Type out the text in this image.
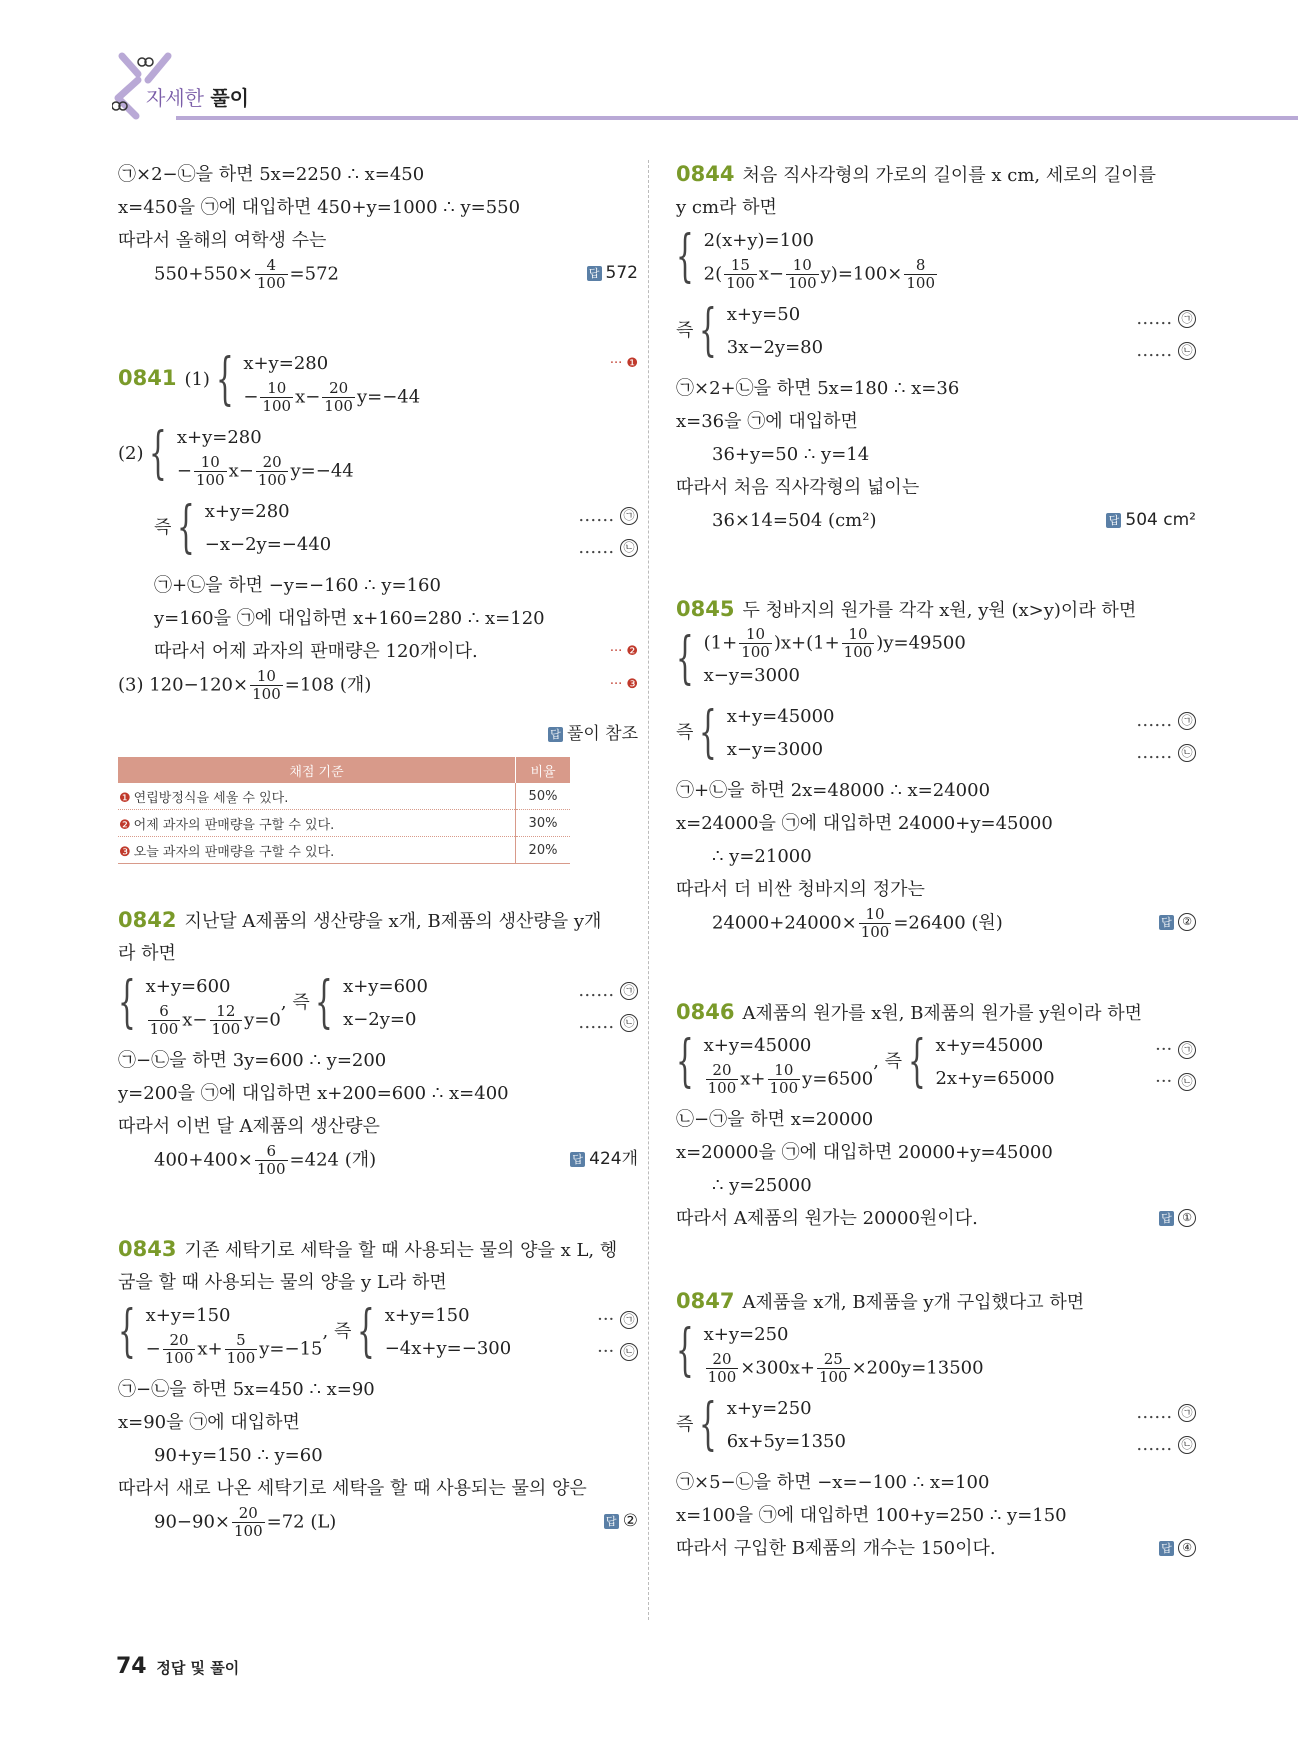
자세한 풀이
㉠×2−㉡을 하면 5x=2250 ∴ x=450
x=450을 ㉠에 대입하면 450+y=1000 ∴ y=550
따라서 올해의 여학생 수는
$550+550\times \frac{4}{100} =572$	답 572
0841 (1) { x+y=280
− $\frac{10}{100} x- \frac{20}{100} y=-44$
··· ❶
(2) { x+y=280
− $\frac{10}{100} x- \frac{20}{100} y=-44$
즉 { x+y=280
−x−2y=−440
…… ㉠
…… ㉡
㉠+㉡을 하면 −y=−160 ∴ y=160
y=160을 ㉠에 대입하면 x+160=280 ∴ x=120
따라서 어제 과자의 판매량은 120개이다.	··· ❷
(3) $120-120\times \frac{10}{100} =108$ (개)	··· ❸
답 풀이 참조
채점 기준	비율
❶ 연립방정식을 세울 수 있다.	50%
❷ 어제 과자의 판매량을 구할 수 있다.	30%
❸ 오늘 과자의 판매량을 구할 수 있다.	20%
0842 지난달 A제품의 생산량을 x개, B제품의 생산량을 y개
라 하면
{ x+y=600
$\frac{6}{100} x- \frac{12}{100} y=0$
, 즉 { x+y=600
x−2y=0
…… ㉠
…… ㉡
㉠−㉡을 하면 3y=600 ∴ y=200
y=200을 ㉠에 대입하면 x+200=600 ∴ x=400
따라서 이번 달 A제품의 생산량은
$400+400\times \frac{6}{100} =424$ (개)	답 424개
0843 기존 세탁기로 세탁을 할 때 사용되는 물의 양을 x L, 헹
굼을 할 때 사용되는 물의 양을 y L라 하면
{ x+y=150
− $\frac{20}{100} x+ \frac{5}{100} y=-15$
, 즉 { x+y=150
−4x+y=−300
··· ㉠
··· ㉡
㉠−㉡을 하면 5x=450 ∴ x=90
x=90을 ㉠에 대입하면
90+y=150 ∴ y=60
따라서 새로 나온 세탁기로 세탁을 할 때 사용되는 물의 양은
$90-90\times \frac{20}{100} =72$ (L)	답 ②
0844 처음 직사각형의 가로의 길이를 x cm, 세로의 길이를
y cm라 하면
{ 2(x+y)=100
$2( \frac{15}{100} x- \frac{10}{100} y)=100\times \frac{8}{100}$
즉 { x+y=50
3x−2y=80
…… ㉠
…… ㉡
㉠×2+㉡을 하면 5x=180 ∴ x=36
x=36을 ㉠에 대입하면
36+y=50 ∴ y=14
따라서 처음 직사각형의 넓이는
36×14=504 (cm²)	답 504 cm²
0845 두 청바지의 원가를 각각 x원, y원 (x>y)이라 하면
{ $(1+ \frac{10}{100} )x+(1+ \frac{10}{100} )y=49500$
x−y=3000
즉 { x+y=45000
x−y=3000
…… ㉠
…… ㉡
㉠+㉡을 하면 2x=48000 ∴ x=24000
x=24000을 ㉠에 대입하면 24000+y=45000
∴ y=21000
따라서 더 비싼 청바지의 정가는
$24000+24000\times \frac{10}{100} =26400$ (원)	답 ②
0846 A제품의 원가를 x원, B제품의 원가를 y원이라 하면
{ x+y=45000
$\frac{20}{100} x+ \frac{10}{100} y=6500$
, 즉 { x+y=45000
2x+y=65000
··· ㉠
··· ㉡
㉡−㉠을 하면 x=20000
x=20000을 ㉠에 대입하면 20000+y=45000
∴ y=25000
따라서 A제품의 원가는 20000원이다.	답 ①
0847 A제품을 x개, B제품을 y개 구입했다고 하면
{ x+y=250
$\frac{20}{100} \times 300x+ \frac{25}{100} \times 200y=13500$
즉 { x+y=250
6x+5y=1350
…… ㉠
…… ㉡
㉠×5−㉡을 하면 −x=−100 ∴ x=100
x=100을 ㉠에 대입하면 100+y=250 ∴ y=150
따라서 구입한 B제품의 개수는 150이다.	답 ④
74 정답 및 풀이
